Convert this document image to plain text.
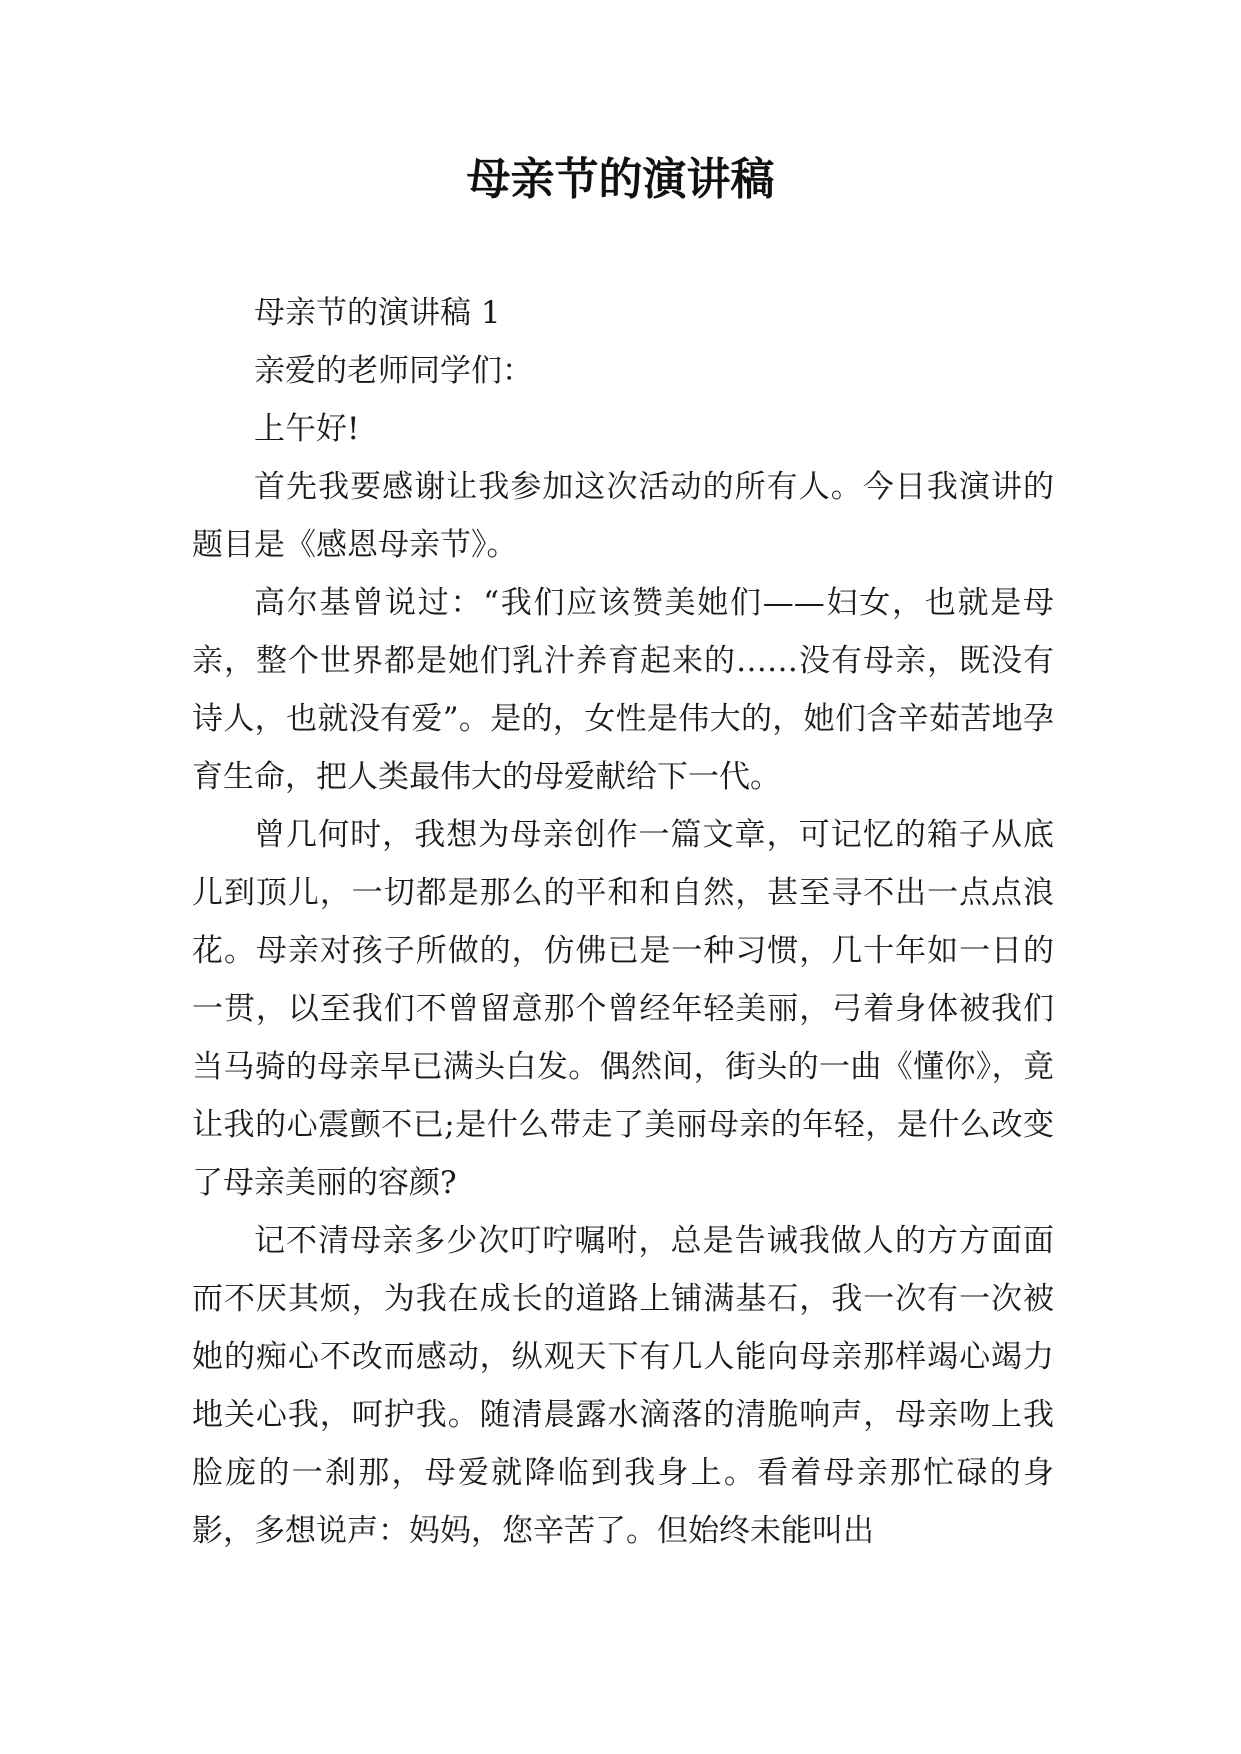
母亲节的演讲稿

母亲节的演讲稿 1

亲爱的老师同学们：

上午好!

首先我要感谢让我参加这次活动的所有人。今日我演讲的题目是《感恩母亲节》。

高尔基曾说过：“我们应该赞美她们——妇女，也就是母亲，整个世界都是她们乳汁养育起来的……没有母亲，既没有诗人，也就没有爱”。是的，女性是伟大的，她们含辛茹苦地孕育生命，把人类最伟大的母爱献给下一代。

曾几何时，我想为母亲创作一篇文章，可记忆的箱子从底儿到顶儿，一切都是那么的平和和自然，甚至寻不出一点点浪花。母亲对孩子所做的，仿佛已是一种习惯，几十年如一日的一贯，以至我们不曾留意那个曾经年轻美丽，弓着身体被我们当马骑的母亲早已满头白发。偶然间，街头的一曲《懂你》，竟让我的心震颤不已;是什么带走了美丽母亲的年轻，是什么改变了母亲美丽的容颜?

记不清母亲多少次叮咛嘱咐，总是告诫我做人的方方面面而不厌其烦，为我在成长的道路上铺满基石，我一次有一次被她的痴心不改而感动，纵观天下有几人能向母亲那样竭心竭力地关心我，呵护我。随清晨露水滴落的清脆响声，母亲吻上我脸庞的一刹那，母爱就降临到我身上。看着母亲那忙碌的身影，多想说声：妈妈，您辛苦了。但始终未能叫出
